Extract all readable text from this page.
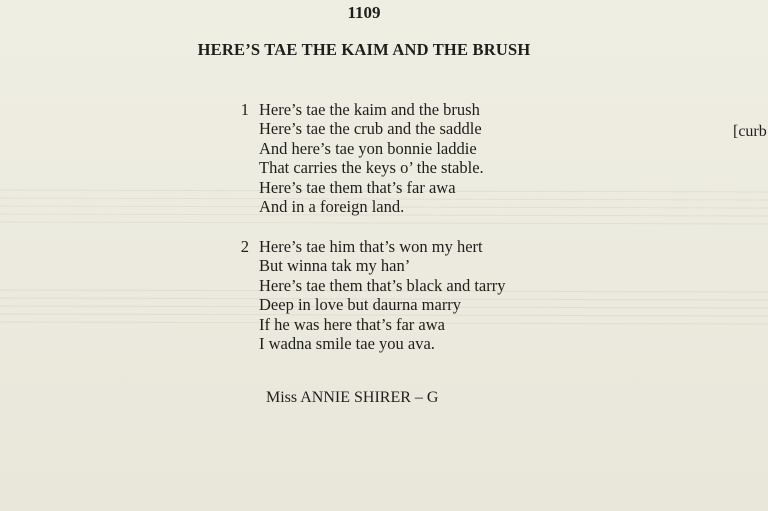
1109
HERE’S TAE THE KAIM AND THE BRUSH
1 Here’s tae the kaim and the brush
Here’s tae the crub and the saddle
And here’s tae yon bonnie laddie
That carries the keys o’ the stable.
Here’s tae them that’s far awa
And in a foreign land.
[curb
2 Here’s tae him that’s won my hert
But winna tak my han’
Here’s tae them that’s black and tarry
Deep in love but daurna marry
If he was here that’s far awa
I wadna smile tae you ava.
Miss ANNIE SHIRER – G
